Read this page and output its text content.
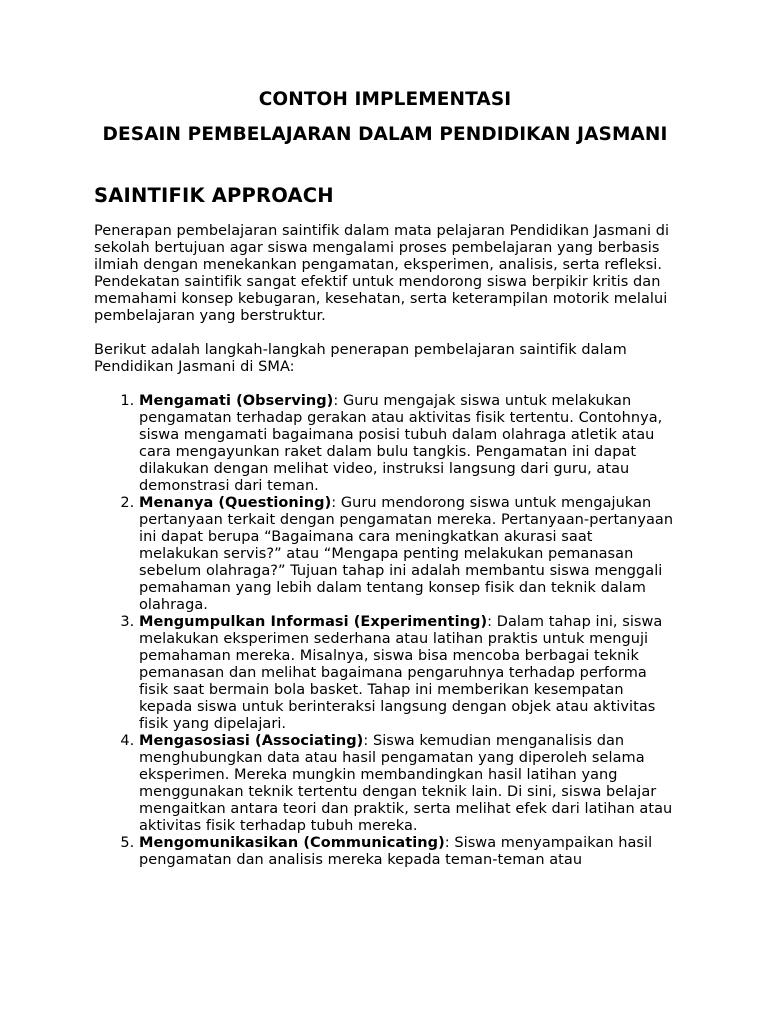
CONTOH IMPLEMENTASI
DESAIN PEMBELAJARAN DALAM PENDIDIKAN JASMANI
SAINTIFIK APPROACH

Penerapan pembelajaran saintifik dalam mata pelajaran Pendidikan Jasmani di sekolah bertujuan agar siswa mengalami proses pembelajaran yang berbasis ilmiah dengan menekankan pengamatan, eksperimen, analisis, serta refleksi. Pendekatan saintifik sangat efektif untuk mendorong siswa berpikir kritis dan memahami konsep kebugaran, kesehatan, serta keterampilan motorik melalui pembelajaran yang berstruktur.

Berikut adalah langkah-langkah penerapan pembelajaran saintifik dalam Pendidikan Jasmani di SMA:

1. Mengamati (Observing): Guru mengajak siswa untuk melakukan pengamatan terhadap gerakan atau aktivitas fisik tertentu. Contohnya, siswa mengamati bagaimana posisi tubuh dalam olahraga atletik atau cara mengayunkan raket dalam bulu tangkis. Pengamatan ini dapat dilakukan dengan melihat video, instruksi langsung dari guru, atau demonstrasi dari teman.
2. Menanya (Questioning): Guru mendorong siswa untuk mengajukan pertanyaan terkait dengan pengamatan mereka. Pertanyaan-pertanyaan ini dapat berupa “Bagaimana cara meningkatkan akurasi saat melakukan servis?” atau “Mengapa penting melakukan pemanasan sebelum olahraga?” Tujuan tahap ini adalah membantu siswa menggali pemahaman yang lebih dalam tentang konsep fisik dan teknik dalam olahraga.
3. Mengumpulkan Informasi (Experimenting): Dalam tahap ini, siswa melakukan eksperimen sederhana atau latihan praktis untuk menguji pemahaman mereka. Misalnya, siswa bisa mencoba berbagai teknik pemanasan dan melihat bagaimana pengaruhnya terhadap performa fisik saat bermain bola basket. Tahap ini memberikan kesempatan kepada siswa untuk berinteraksi langsung dengan objek atau aktivitas fisik yang dipelajari.
4. Mengasosiasi (Associating): Siswa kemudian menganalisis dan menghubungkan data atau hasil pengamatan yang diperoleh selama eksperimen. Mereka mungkin membandingkan hasil latihan yang menggunakan teknik tertentu dengan teknik lain. Di sini, siswa belajar mengaitkan antara teori dan praktik, serta melihat efek dari latihan atau aktivitas fisik terhadap tubuh mereka.
5. Mengomunikasikan (Communicating): Siswa menyampaikan hasil pengamatan dan analisis mereka kepada teman-teman atau
